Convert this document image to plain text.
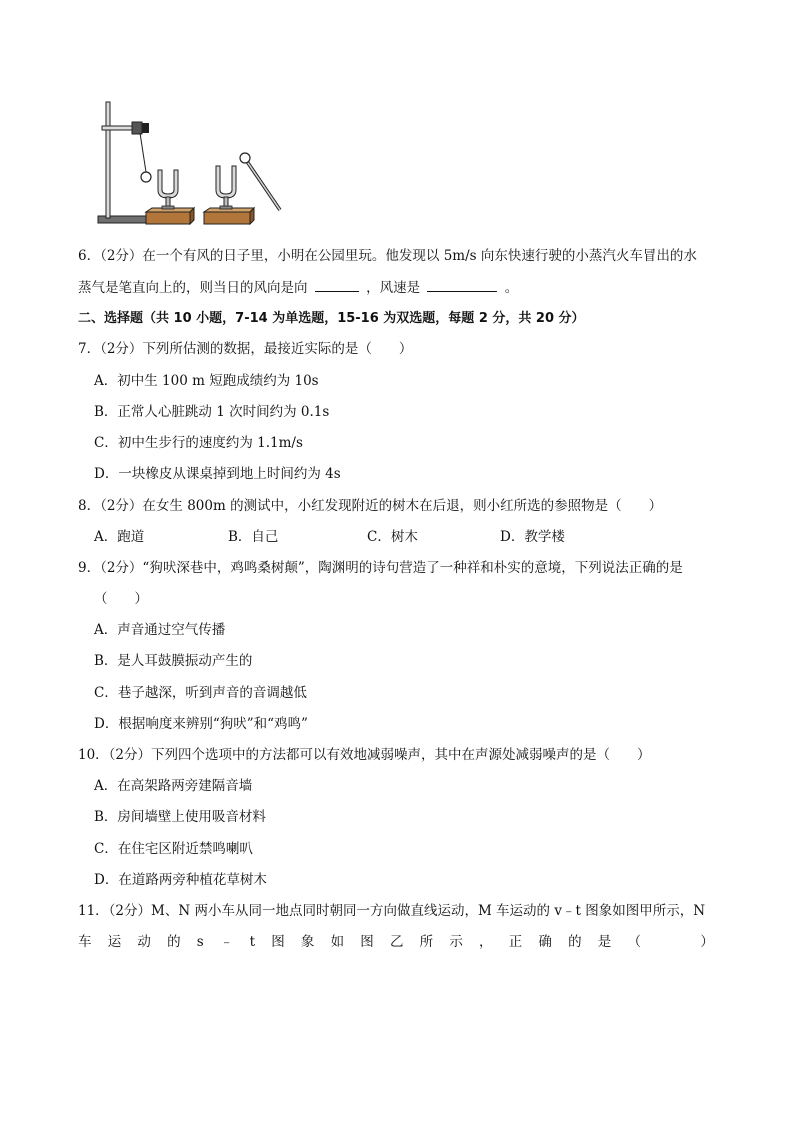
6．（2分）在一个有风的日子里，小明在公园里玩。他发现以 5m/s 向东快速行驶的小蒸汽火车冒出的水
蒸气是笔直向上的，则当日的风向是向	，风速是	。
二、选择题（共 10 小题，7-14 为单选题，15-16 为双选题，每题 2 分，共 20 分）
7．（2分）下列所估测的数据，最接近实际的是（　　）
A．初中生 100 m 短跑成绩约为 10s
B．正常人心脏跳动 1 次时间约为 0.1s
C．初中生步行的速度约为 1.1m/s
D．一块橡皮从课桌掉到地上时间约为 4s
8．（2分）在女生 800m 的测试中，小红发现附近的树木在后退，则小红所选的参照物是（　　）
A．跑道	B．自己	C．树木	D．教学楼
9．（2分）“狗吠深巷中，鸡鸣桑树颠”，陶渊明的诗句营造了一种祥和朴实的意境，下列说法正确的是
（　　）
A．声音通过空气传播
B．是人耳鼓膜振动产生的
C．巷子越深，听到声音的音调越低
D．根据响度来辨别“狗吠”和“鸡鸣”
10．（2分）下列四个选项中的方法都可以有效地减弱噪声，其中在声源处减弱噪声的是（　　）
A．在高架路两旁建隔音墙
B．房间墙壁上使用吸音材料
C．在住宅区附近禁鸣喇叭
D．在道路两旁种植花草树木
11．（2分）M、N 两小车从同一地点同时朝同一方向做直线运动，M 车运动的 v﹣t 图象如图甲所示，N
车 运 动 的 s ﹣ t 图 象 如 图 乙 所 示 ， 正 确 的 是 （
　　	）
